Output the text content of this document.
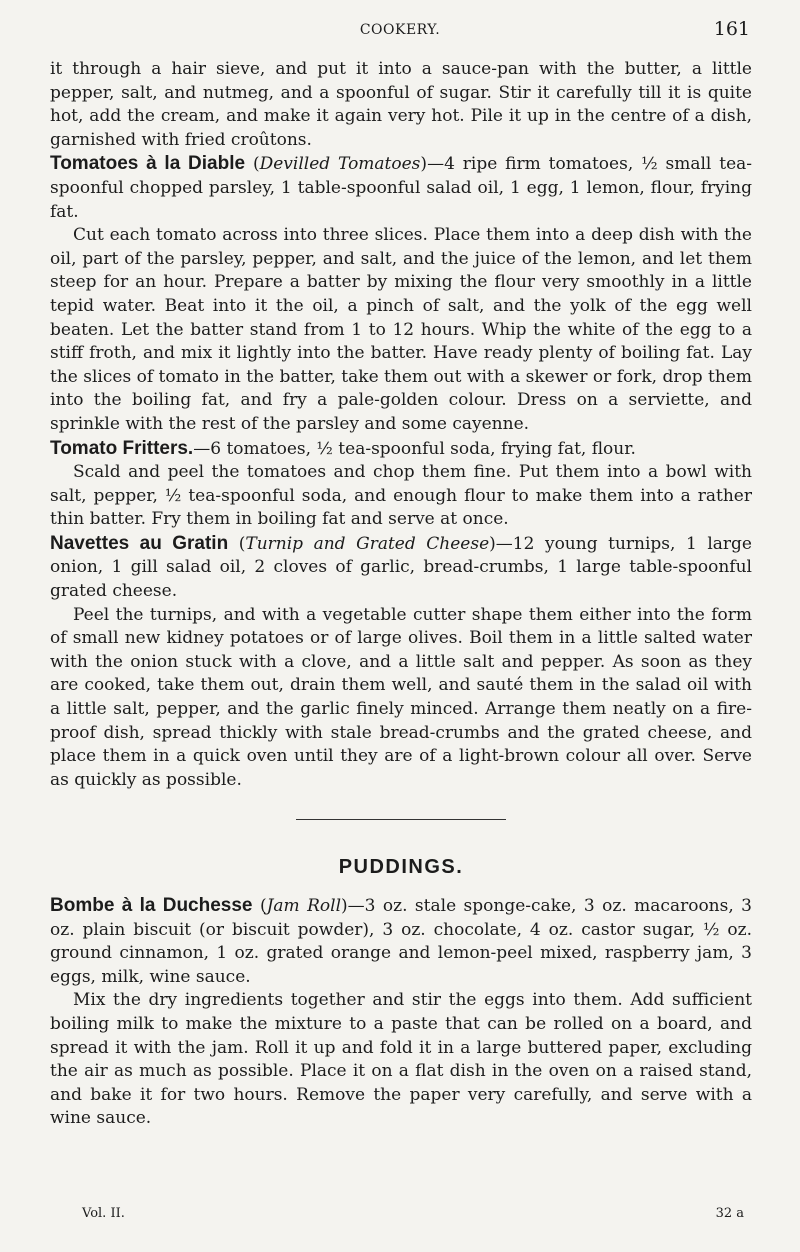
COOKERY.	161

it through a hair sieve, and put it into a sauce-pan with the butter, a little pepper, salt, and nutmeg, and a spoonful of sugar. Stir it carefully till it is quite hot, add the cream, and make it again very hot. Pile it up in the centre of a dish, garnished with fried croûtons.

Tomatoes à la Diable (Devilled Tomatoes)—4 ripe firm tomatoes, ½ small tea-spoonful chopped parsley, 1 table-spoonful salad oil, 1 egg, 1 lemon, flour, frying fat.

Cut each tomato across into three slices. Place them into a deep dish with the oil, part of the parsley, pepper, and salt, and the juice of the lemon, and let them steep for an hour. Prepare a batter by mixing the flour very smoothly in a little tepid water. Beat into it the oil, a pinch of salt, and the yolk of the egg well beaten. Let the batter stand from 1 to 12 hours. Whip the white of the egg to a stiff froth, and mix it lightly into the batter. Have ready plenty of boiling fat. Lay the slices of tomato in the batter, take them out with a skewer or fork, drop them into the boiling fat, and fry a pale-golden colour. Dress on a serviette, and sprinkle with the rest of the parsley and some cayenne.

Tomato Fritters.—6 tomatoes, ½ tea-spoonful soda, frying fat, flour.

Scald and peel the tomatoes and chop them fine. Put them into a bowl with salt, pepper, ½ tea-spoonful soda, and enough flour to make them into a rather thin batter. Fry them in boiling fat and serve at once.

Navettes au Gratin (Turnip and Grated Cheese)—12 young turnips, 1 large onion, 1 gill salad oil, 2 cloves of garlic, bread-crumbs, 1 large table-spoonful grated cheese.

Peel the turnips, and with a vegetable cutter shape them either into the form of small new kidney potatoes or of large olives. Boil them in a little salted water with the onion stuck with a clove, and a little salt and pepper. As soon as they are cooked, take them out, drain them well, and sauté them in the salad oil with a little salt, pepper, and the garlic finely minced. Arrange them neatly on a fire-proof dish, spread thickly with stale bread-crumbs and the grated cheese, and place them in a quick oven until they are of a light-brown colour all over. Serve as quickly as possible.

PUDDINGS.

Bombe à la Duchesse (Jam Roll)—3 oz. stale sponge-cake, 3 oz. macaroons, 3 oz. plain biscuit (or biscuit powder), 3 oz. chocolate, 4 oz. castor sugar, ½ oz. ground cinnamon, 1 oz. grated orange and lemon-peel mixed, raspberry jam, 3 eggs, milk, wine sauce.

Mix the dry ingredients together and stir the eggs into them. Add sufficient boiling milk to make the mixture to a paste that can be rolled on a board, and spread it with the jam. Roll it up and fold it in a large buttered paper, excluding the air as much as possible. Place it on a flat dish in the oven on a raised stand, and bake it for two hours. Remove the paper very carefully, and serve with a wine sauce.

Vol. II.	32 a
